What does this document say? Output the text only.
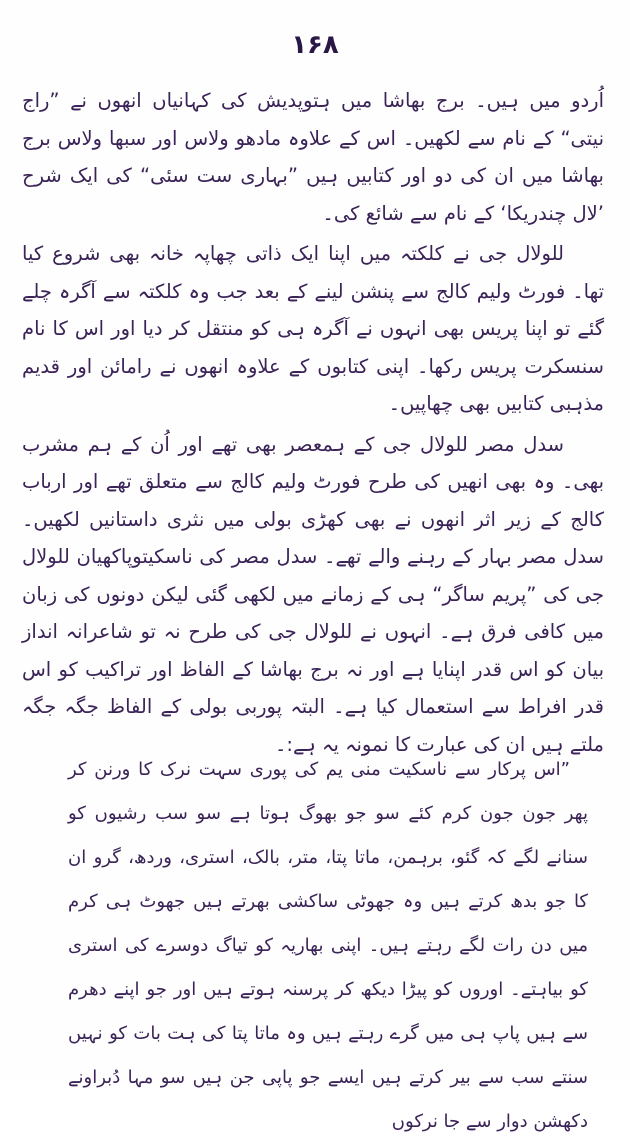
۱۶۸

اُردو میں ہیں۔ برج بھاشا میں ہتوپدیش کی کہانیاں انھوں نے ”راج نیتی“ کے نام سے لکھیں۔ اس کے علاوہ مادھو ولاس اور سبھا ولاس برج بھاشا میں ان کی دو اور کتابیں ہیں ”بہاری ست سئی“ کی ایک شرح ’لال چندریکا‘ کے نام سے شائع کی۔

للولال جی نے کلکتہ میں اپنا ایک ذاتی چھاپہ خانہ بھی شروع کیا تھا۔ فورٹ ولیم کالج سے پنشن لینے کے بعد جب وہ کلکتہ سے آگرہ چلے گئے تو اپنا پریس بھی انہوں نے آگرہ ہی کو منتقل کر دیا اور اس کا نام سنسکرت پریس رکھا۔ اپنی کتابوں کے علاوہ انھوں نے رامائن اور قدیم مذہبی کتابیں بھی چھاپیں۔

سدل مصر للولال جی کے ہمعصر بھی تھے اور اُن کے ہم مشرب بھی۔ وہ بھی انھیں کی طرح فورٹ ولیم کالج سے متعلق تھے اور ارباب کالج کے زیر اثر انھوں نے بھی کھڑی بولی میں نثری داستانیں لکھیں۔ سدل مصر بہار کے رہنے والے تھے۔ سدل مصر کی ناسکیتوپاکھیان للولال جی کی ”پریم ساگر“ ہی کے زمانے میں لکھی گئی لیکن دونوں کی زبان میں کافی فرق ہے۔ انہوں نے للولال جی کی طرح نہ تو شاعرانہ انداز بیان کو اس قدر اپنایا ہے اور نہ برج بھاشا کے الفاظ اور تراکیب کو اس قدر افراط سے استعمال کیا ہے۔ البتہ پوربی بولی کے الفاظ جگہ جگہ ملتے ہیں ان کی عبارت کا نمونہ یہ ہے:۔

”اس پرکار سے ناسکیت منی یم کی پوری سہت نرک کا ورنن کر پھر جون جون کرم کئے سو جو بھوگ ہوتا ہے سو سب رشیوں کو سنانے لگے کہ گئو، برہمن، ماتا پتا، متر، بالک، استری، وردھ، گرو ان کا جو بدھ کرتے ہیں وہ جھوٹی ساکشی بھرتے ہیں جھوٹ ہی کرم میں دن رات لگے رہتے ہیں۔ اپنی بھاریہ کو تیاگ دوسرے کی استری کو بیاہتے۔ اوروں کو پیڑا دیکھ کر پرسنہ ہوتے ہیں اور جو اپنے دھرم سے ہیں پاپ ہی میں گرے رہتے ہیں وہ ماتا پتا کی ہت بات کو نہیں سنتے سب سے بیر کرتے ہیں ایسے جو پاپی جن ہیں سو مہا دُبراونے دکھشن دوار سے جا نرکوں
